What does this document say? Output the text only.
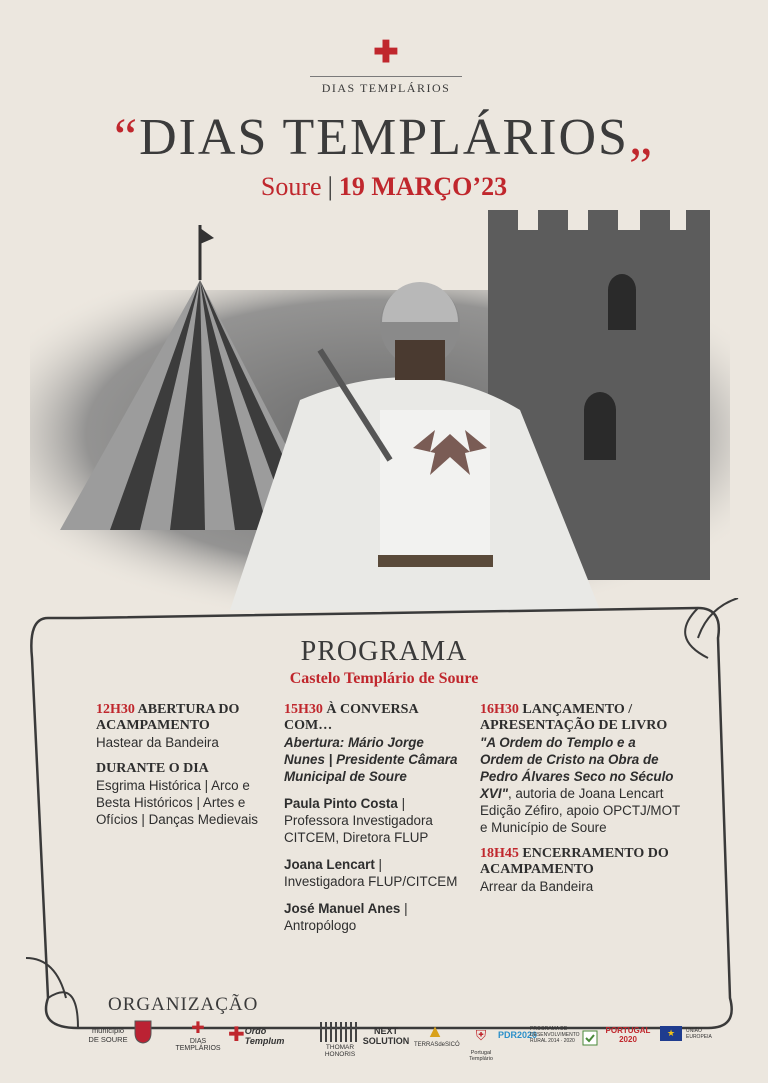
✚
DIAS TEMPLÁRIOS
“DIAS TEMPLÁRIOS„
Soure | 19 MARÇO’23
PROGRAMA
Castelo Templário de Soure
12H30 ABERTURA DO ACAMPAMENTO
Hastear da Bandeira
DURANTE O DIA
Esgrima Histórica | Arco e Besta Históricos | Artes e Ofícios | Danças Medievais
15H30 À CONVERSA COM…
Abertura: Mário Jorge Nunes | Presidente Câmara Municipal de Soure
Paula Pinto Costa | Professora Investigadora CITCEM, Diretora FLUP
Joana Lencart | Investigadora FLUP/CITCEM
José Manuel Anes | Antropólogo
16H30 LANÇAMENTO / APRESENTAÇÃO DE LIVRO
"A Ordem do Templo e a Ordem de Cristo na Obra de Pedro Álvares Seco no Século XVI", autoria de Joana Lencart Edição Zéfiro, apoio OPCTJ/MOT e Município de Soure
18H45 ENCERRAMENTO DO ACAMPAMENTO
Arrear da Bandeira
ORGANIZAÇÃO
município
DE SOURE
✚
DIAS TEMPLÁRIOS
✚ Ordo
Templum
THOMAR HONORIS
NEXT
SOLUTION ▲
TERRASdeSICÓ

⛨

Portugal
Templário

PDR2020
PROGRAMA DE
DESENVOLVIMENTO
RURAL 2014 · 2020
PORTUGAL
2020
★	UNIÃO EUROPEIA
